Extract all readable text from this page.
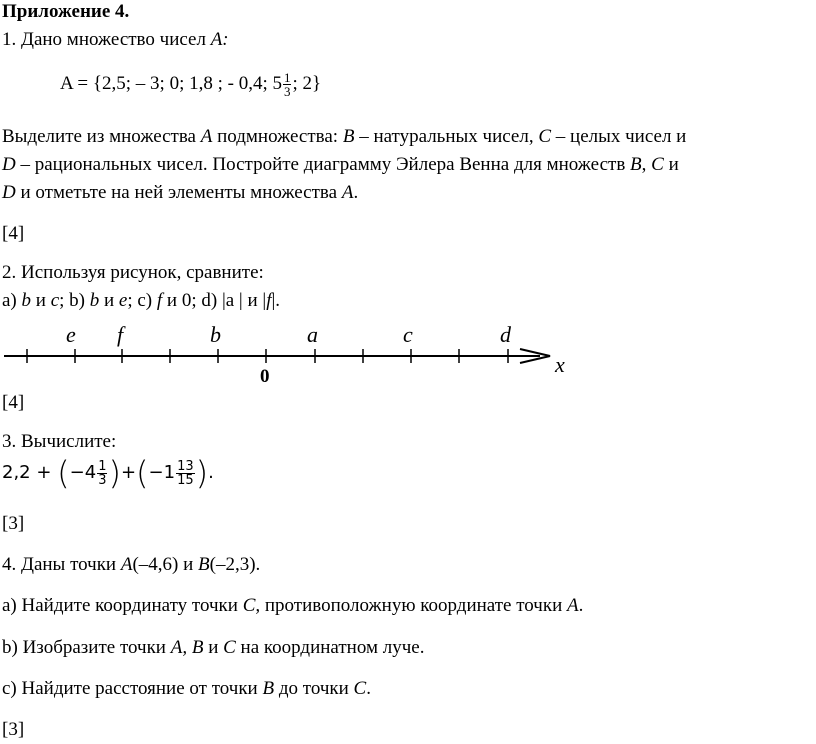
Приложение 4.
1. Дано множество чисел A:
A = {2,5; – 3; 0; 1,8 ; - 0,4; $5 \frac{1}{3}$ ; 2}
Выделите из множества A подмножества: B – натуральных чисел, C – целых чисел и
D – рациональных чисел. Постройте диаграмму Эйлера Венна для множеств B, C и
D и отметьте на ней элементы множества A.
[4]
2. Используя рисунок, сравните:
а) b и c; b) b и e; c) f и 0; d) |a | и |f|.
e f	b	a	c	d
0	x
[4]
3. Вычислите:
$2,2 + (-4 \frac{1}{3} )+(-1 \frac{13}{15}$ ).
[3]
4. Даны точки A(–4,6) и B(–2,3).
а) Найдите координату точки C, противоположную координате точки A.
b) Изобразите точки A, B и C на координатном луче.
c) Найдите расстояние от точки B до точки C.
[3]
